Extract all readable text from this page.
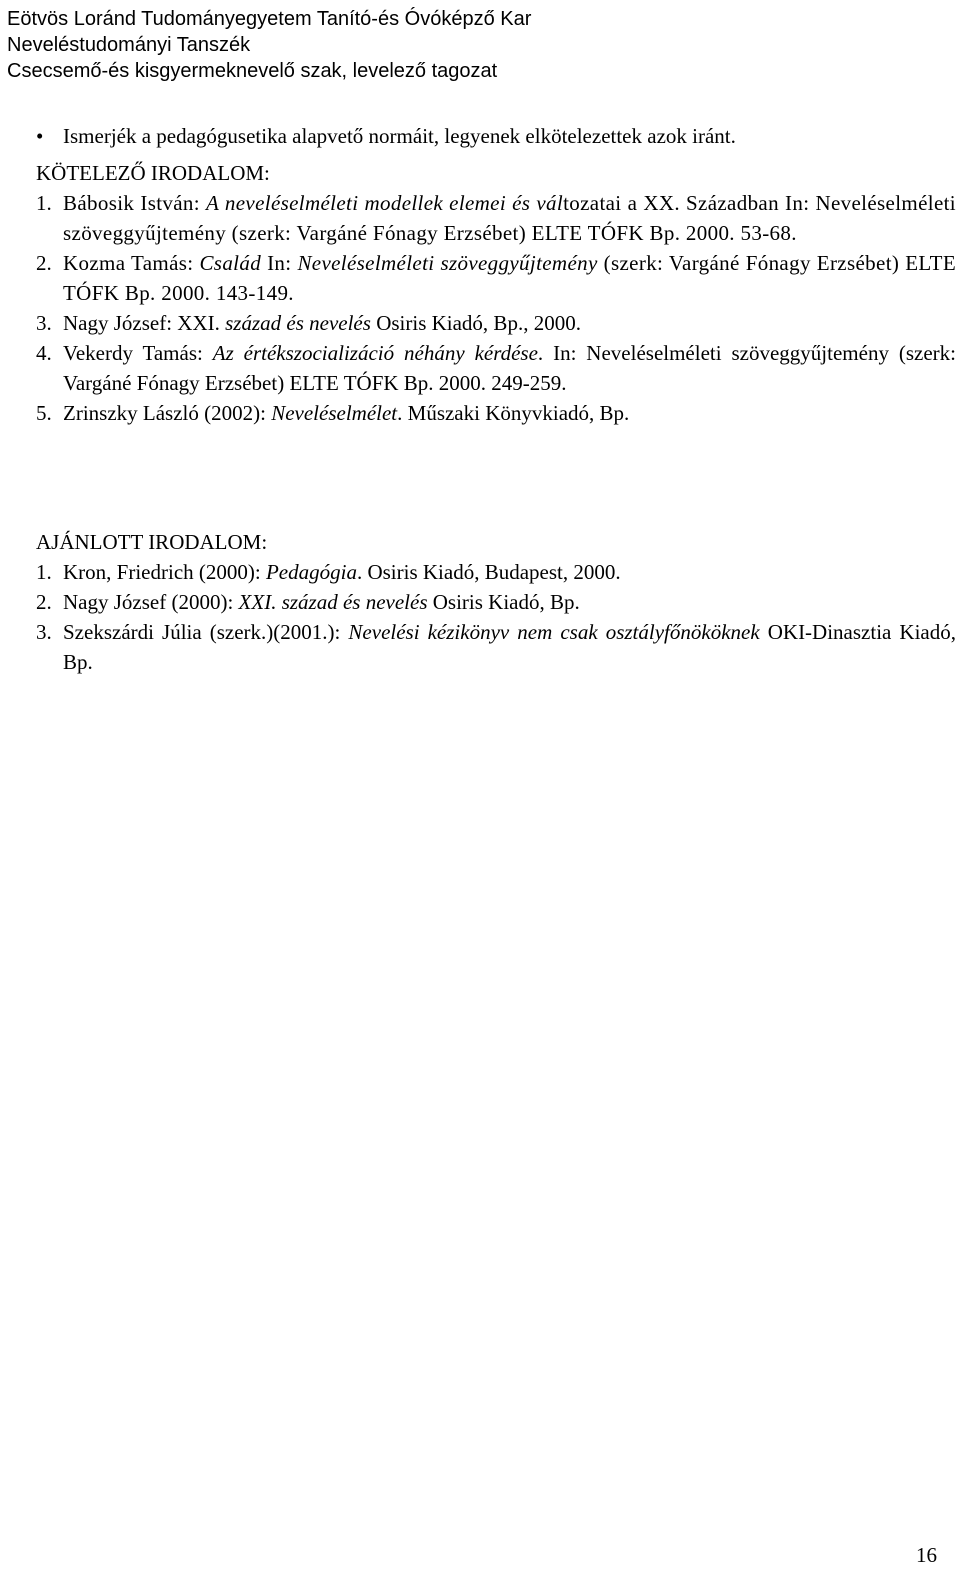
Eötvös Loránd Tudományegyetem Tanító-és Óvóképző Kar
Neveléstudományi Tanszék
Csecsemő-és kisgyermeknevelő szak, levelező tagozat
• Ismerjék a pedagógusetika alapvető normáit, legyenek elkötelezettek azok iránt.
KÖTELEZŐ IRODALOM:
1. Bábosik István: A neveléselméleti modellek elemei és változatai a XX. Században In: Neveléselméleti szöveggyűjtemény (szerk: Vargáné Fónagy Erzsébet) ELTE TÓFK Bp. 2000. 53-68.
2. Kozma Tamás: Család In: Neveléselméleti szöveggyűjtemény (szerk: Vargáné Fónagy Erzsébet) ELTE TÓFK Bp. 2000. 143-149.
3. Nagy József: XXI. század és nevelés Osiris Kiadó, Bp., 2000.
4. Vekerdy Tamás: Az értékszocializáció néhány kérdése. In: Neveléselméleti szöveggyűjtemény (szerk: Vargáné Fónagy Erzsébet) ELTE TÓFK Bp. 2000. 249-259.
5. Zrinszky László (2002): Neveléselmélet. Műszaki Könyvkiadó, Bp.
AJÁNLOTT IRODALOM:
1. Kron, Friedrich (2000): Pedagógia. Osiris Kiadó, Budapest, 2000.
2. Nagy József (2000): XXI. század és nevelés Osiris Kiadó, Bp.
3. Szekszárdi Júlia (szerk.)(2001.): Nevelési kézikönyv nem csak osztályfőnököknek OKI-Dinasztia Kiadó, Bp.
16
